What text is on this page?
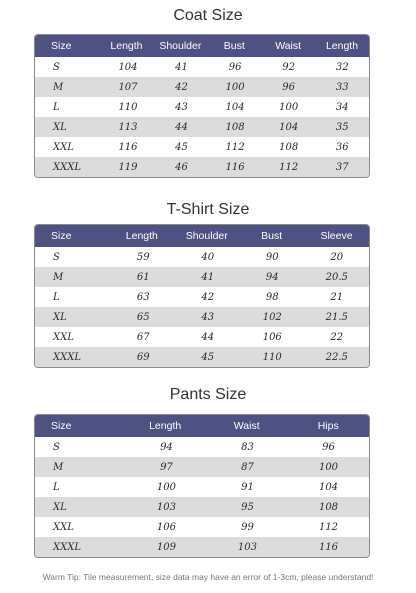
Coat Size
Size	Length	Shoulder	Bust	Waist	Length
S	104	41	96	92	32
M	107	42	100	96	33
L	110	43	104	100	34
XL	113	44	108	104	35
XXL	116	45	112	108	36
XXXL	119	46	116	112	37
T-Shirt Size
Size	Length	Shoulder	Bust	Sleeve
S	59	40	90	20
M	61	41	94	20.5
L	63	42	98	21
XL	65	43	102	21.5
XXL	67	44	106	22
XXXL	69	45	110	22.5
Pants Size
Size	Length	Waist	Hips
S	94	83	96
M	97	87	100
L	100	91	104
XL	103	95	108
XXL	106	99	112
XXXL	109	103	116
Warm Tip: Tile measurement, size data may have an error of 1-3cm, please understand!
